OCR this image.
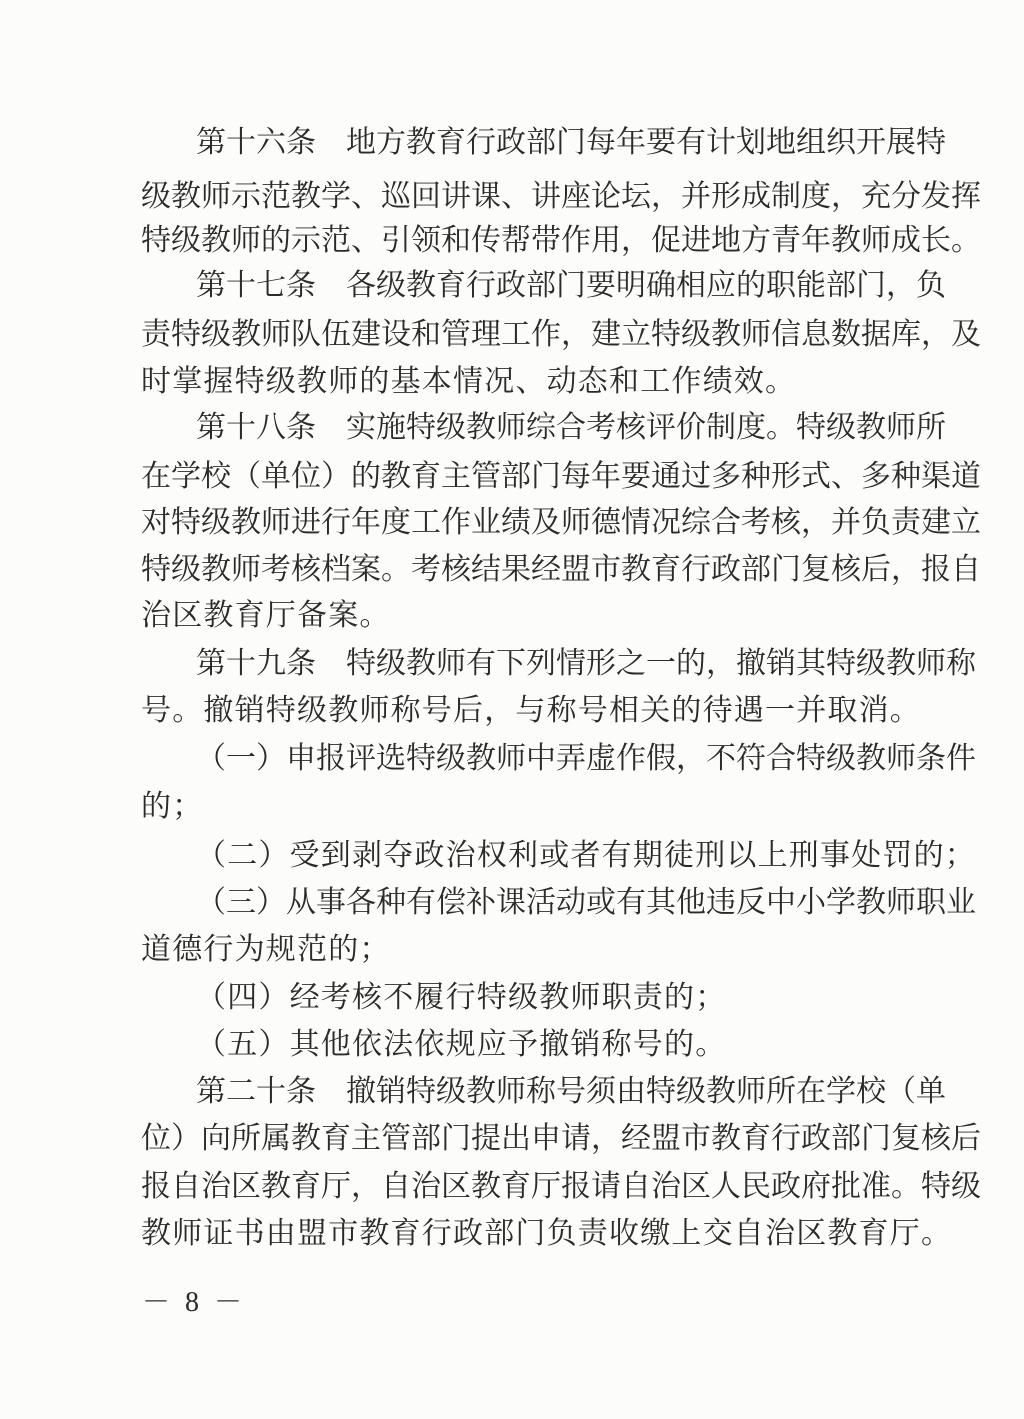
第十六条　地方教育行政部门每年要有计划地组织开展特
级教师示范教学、巡回讲课、讲座论坛，并形成制度，充分发挥
特级教师的示范、引领和传帮带作用，促进地方青年教师成长。
第十七条　各级教育行政部门要明确相应的职能部门，负
责特级教师队伍建设和管理工作，建立特级教师信息数据库，及
时掌握特级教师的基本情况、动态和工作绩效。
第十八条　实施特级教师综合考核评价制度。特级教师所
在学校（单位）的教育主管部门每年要通过多种形式、多种渠道
对特级教师进行年度工作业绩及师德情况综合考核，并负责建立
特级教师考核档案。考核结果经盟市教育行政部门复核后，报自
治区教育厅备案。
第十九条　特级教师有下列情形之一的，撤销其特级教师称
号。撤销特级教师称号后，与称号相关的待遇一并取消。
（一）申报评选特级教师中弄虚作假，不符合特级教师条件
的；
（二）受到剥夺政治权利或者有期徒刑以上刑事处罚的；
（三）从事各种有偿补课活动或有其他违反中小学教师职业
道德行为规范的；
（四）经考核不履行特级教师职责的；
（五）其他依法依规应予撤销称号的。
第二十条　撤销特级教师称号须由特级教师所在学校（单
位）向所属教育主管部门提出申请，经盟市教育行政部门复核后
报自治区教育厅，自治区教育厅报请自治区人民政府批准。特级
教师证书由盟市教育行政部门负责收缴上交自治区教育厅。
－ 8 －
